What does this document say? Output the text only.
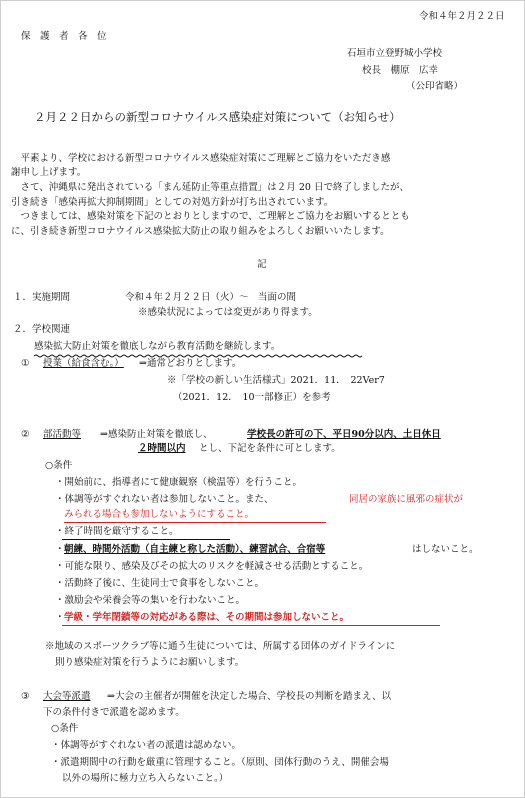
令和４年２月２２日
保　護　者　各　位
石垣市立登野城小学校
校長　棚原　広幸
（公印省略）
２月２２日からの新型コロナウイルス感染症対策について（お知らせ）
　平素より、学校における新型コロナウイルス感染症対策にご理解とご協力をいただき感
謝申し上げます。
　さて、沖縄県に発出されている「まん延防止等重点措置」は２月 20 日で終了しましたが、
引き続き「感染再拡大抑制期間」としての対処方針が打ち出されています。
　つきましては、感染対策を下記のとおりとしますので、ご理解とご協力をお願いするととも
に、引き続き新型コロナウイルス感染拡大防止の取り組みをよろしくお願いいたします。
記
１．実施期間	令和４年２月２２日（火）～　当面の間
※感染状況によっては変更があり得ます。
２．学校関連
感染拡大防止対策を徹底しながら教育活動を継続します。
① 授業（給食含む。） ⇒通常どおりとします。
※「学校の新しい生活様式」2021．11．　22Ver7
（2021．12．　10一部修正）を参考
② 部活動等 ⇒感染防止対策を徹底し、	学校長の許可の下、平日90分以内、土日休日
２時間以内 とし、下記を条件に可とします。
○条件
・開始前に、指導者にて健康観察（検温等）を行うこと。
・体調等がすぐれない者は参加しないこと。また、	同居の家族に風邪の症状が
みられる場合も参加しないようにすること。
・終了時間を厳守すること。
・ 朝練、時間外活動（自主練と称した活動）、練習試合、合宿等	はしないこと。
・可能な限り、感染及びその拡大のリスクを軽減させる活動とすること。
・活動終了後に、生徒同士で食事をしないこと。
・激励会や栄養会等の集いを行わないこと。
・ 学級・学年閉鎖等の対応がある際は、その期間は参加しないこと。
※地域のスポーツクラブ等に通う生徒については、所属する団体のガイドラインに
則り感染症対策を行うようにお願いします。
③ 大会等派遣 ⇒大会の主催者が開催を決定した場合、学校長の判断を踏まえ、以
下の条件付きで派遣を認めます。
○条件
・体調等がすぐれない者の派遣は認めない。
・派遣期間中の行動を厳重に管理すること。（原則、団体行動のうえ、開催会場
以外の場所に極力立ち入らないこと。）
